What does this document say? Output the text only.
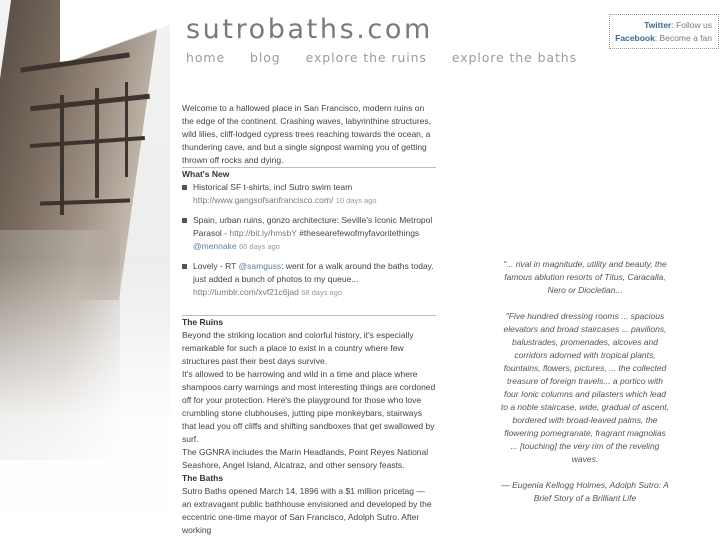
sutrobaths.com
home blog explore the ruins explore the baths
Twitter: Follow us
Facebook: Become a fan

Welcome to a hallowed place in San Francisco, modern ruins on the edge of the continent. Crashing waves, labyrinthine structures, wild lilies, cliff-lodged cypress trees reaching towards the ocean, a thundering cave, and but a single signpost warning you of getting thrown off rocks and dying.

What's New

Historical SF t-shirts, incl Sutro swim team
http://www.gangsofsanfrancisco.com/ 10 days ago
Spain, urban ruins, gonzo architecture: Seville's Iconic Metropol Parasol - http://bit.ly/hmsbY #thesearefewofmyfavoritethings @mennake 66 days ago
Lovely - RT @samguss: went for a walk around the baths today. just added a bunch of photos to my queue... http://tumblr.com/xvf21c6jad 68 days ago

The Ruins

Beyond the striking location and colorful history, it's especially remarkable for such a place to exist in a country where few structures past their best days survive.

It's allowed to be harrowing and wild in a time and place where shampoos carry warnings and most interesting things are cordoned off for your protection. Here's the playground for those who love crumbling stone clubhouses, jutting pipe monkeybars, stairways that lead you off cliffs and shifting sandboxes that get swallowed by surf.

The GGNRA includes the Marin Headlands, Point Reyes National Seashore, Angel Island, Alcatraz, and other sensory feasts.

The Baths

Sutro Baths opened March 14, 1896 with a $1 million pricetag — an extravagant public bathhouse envisioned and developed by the eccentric one-time mayor of San Francisco, Adolph Sutro. After working

"... rival in magnitude, utility and beauty, the famous ablution resorts of Titus, Caracalla, Nero or Diocletian...

"Five hundred dressing rooms ... spacious elevators and broad staircases ... pavilions, balustrades, promenades, alcoves and corridors adorned with tropical plants, fountains, flowers, pictures, ... the collected treasure of foreign travels... a portico with four Ionic columns and pilasters which lead to a noble staircase, wide, gradual of ascent, bordered with broad-leaved palms, the flowering pomegranate, fragrant magnolias ... [touching] the very rim of the reveling waves.

— Eugenia Kellogg Holmes, Adolph Sutro: A Brief Story of a Brilliant Life
